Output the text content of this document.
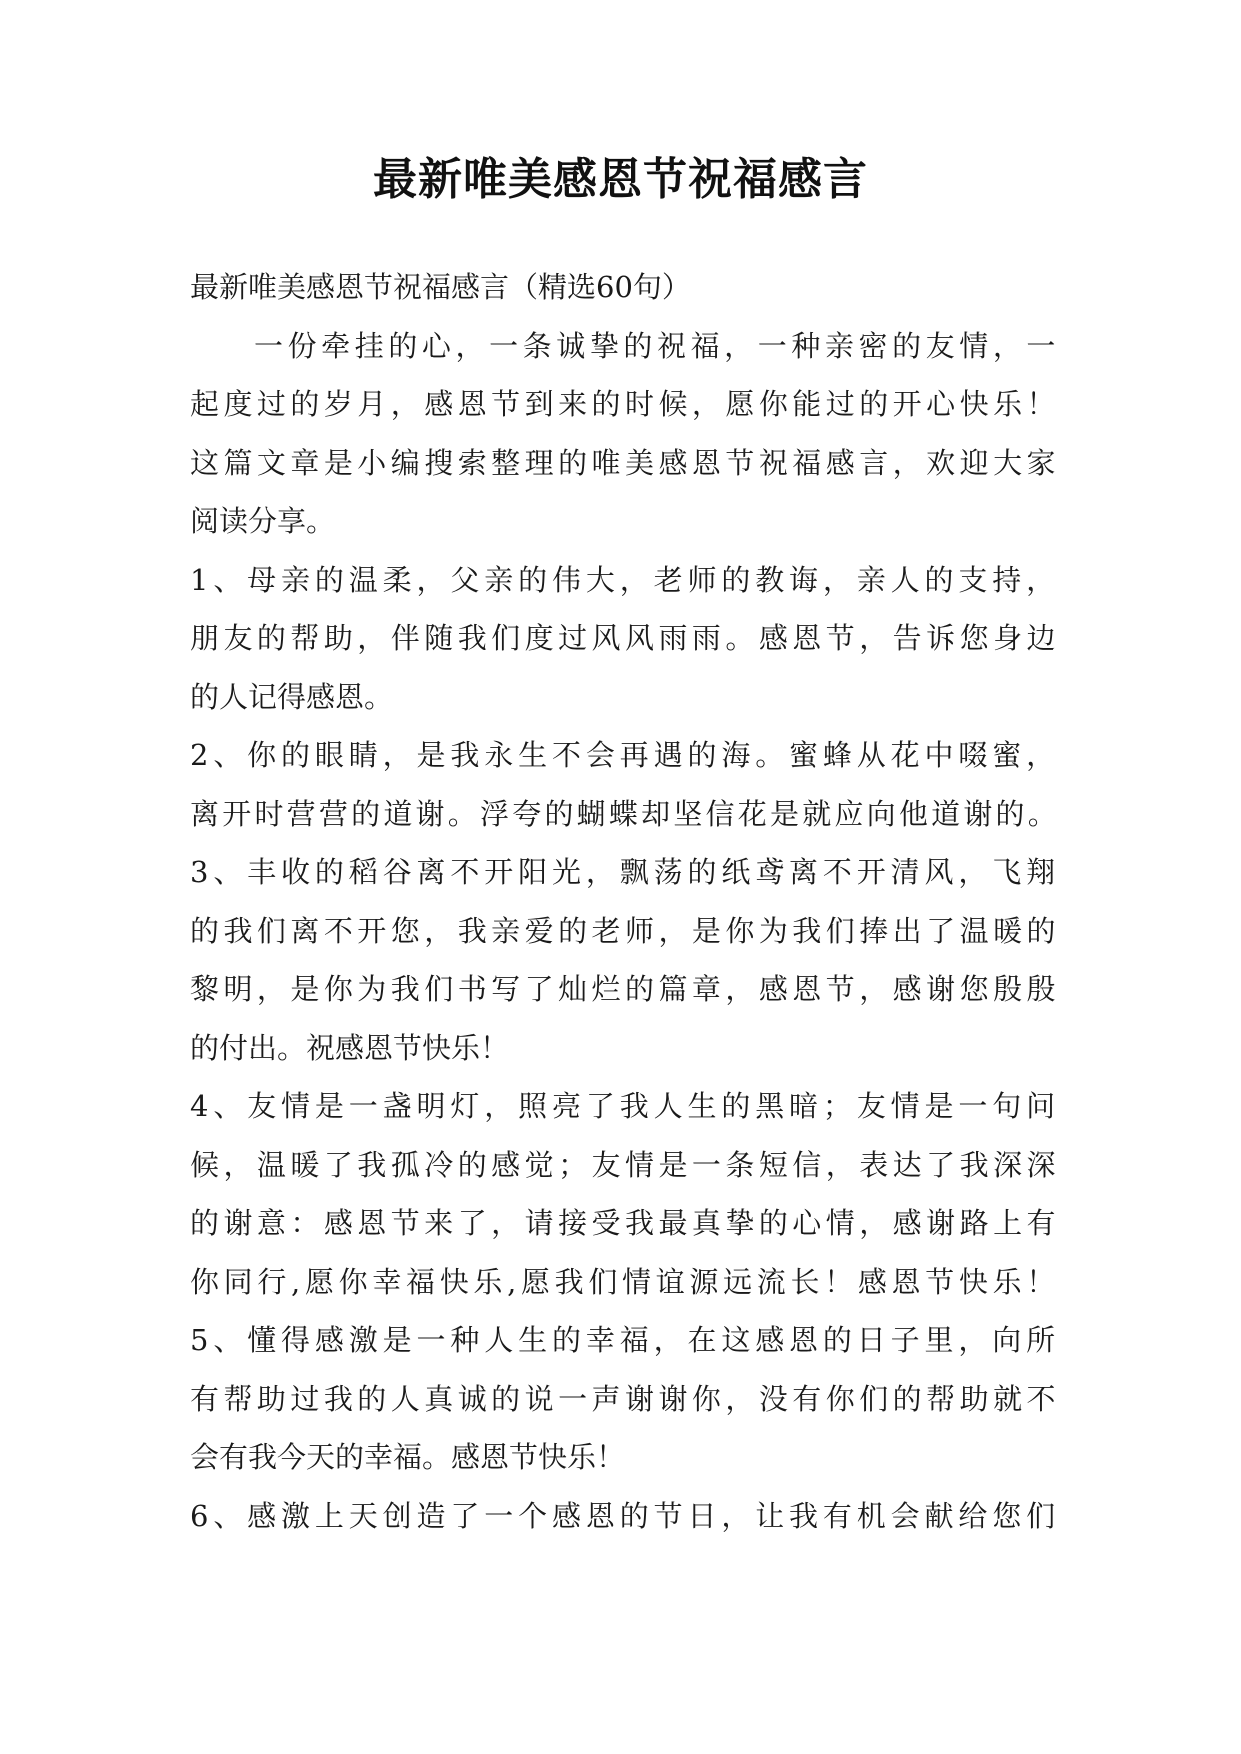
最新唯美感恩节祝福感言
最新唯美感恩节祝福感言（精选60句）
一份牵挂的心，一条诚挚的祝福，一种亲密的友情，一
起度过的岁月，感恩节到来的时候，愿你能过的开心快乐！
这篇文章是小编搜索整理的唯美感恩节祝福感言，欢迎大家
阅读分享。
1、母亲的温柔，父亲的伟大，老师的教诲，亲人的支持，
朋友的帮助，伴随我们度过风风雨雨。感恩节，告诉您身边
的人记得感恩。
2、你的眼睛，是我永生不会再遇的海。蜜蜂从花中啜蜜，
离开时营营的道谢。浮夸的蝴蝶却坚信花是就应向他道谢的。
3、丰收的稻谷离不开阳光，飘荡的纸鸢离不开清风，飞翔
的我们离不开您，我亲爱的老师，是你为我们捧出了温暖的
黎明，是你为我们书写了灿烂的篇章，感恩节，感谢您殷殷
的付出。祝感恩节快乐！
4、友情是一盏明灯，照亮了我人生的黑暗；友情是一句问
候，温暖了我孤冷的感觉；友情是一条短信，表达了我深深
的谢意：感恩节来了，请接受我最真挚的心情，感谢路上有
你同行,愿你幸福快乐,愿我们情谊源远流长！感恩节快乐！
5、懂得感激是一种人生的幸福，在这感恩的日子里，向所
有帮助过我的人真诚的说一声谢谢你，没有你们的帮助就不
会有我今天的幸福。感恩节快乐！
6、感激上天创造了一个感恩的节日，让我有机会献给您们
